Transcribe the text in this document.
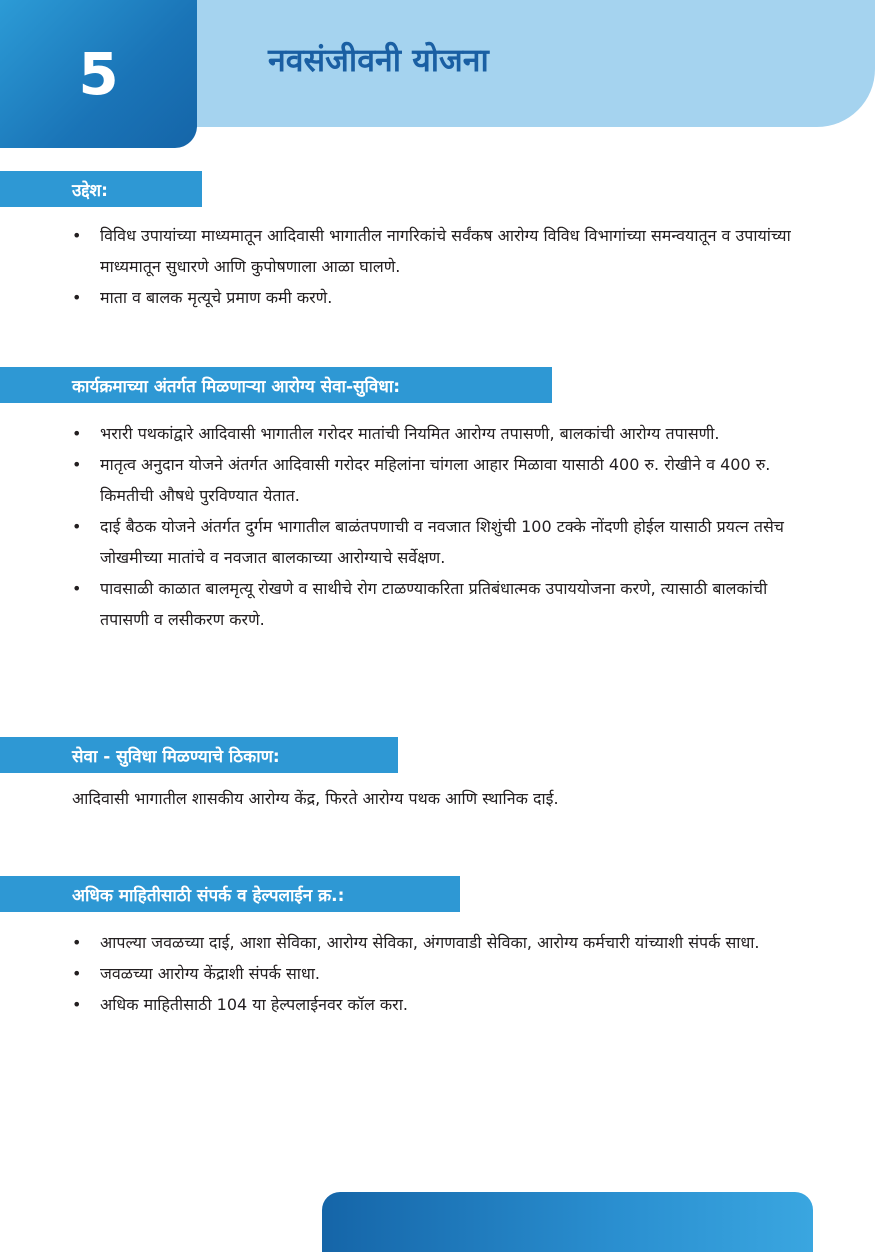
5	नवसंजीवनी योजना
उद्देश:
• विविध उपायांच्या माध्यमातून आदिवासी भागातील नागरिकांचे सर्वंकष आरोग्य विविध विभागांच्या समन्वयातून व उपायांच्या माध्यमातून सुधारणे आणि कुपोषणाला आळा घालणे.
• माता व बालक मृत्यूचे प्रमाण कमी करणे.
कार्यक्रमाच्या अंतर्गत मिळणाऱ्या आरोग्य सेवा-सुविधा:
• भरारी पथकांद्वारे आदिवासी भागातील गरोदर मातांची नियमित आरोग्य तपासणी, बालकांची आरोग्य तपासणी.
• मातृत्व अनुदान योजने अंतर्गत आदिवासी गरोदर महिलांना चांगला आहार मिळावा यासाठी 400 रु. रोखीने व 400 रु. किमतीची औषधे पुरविण्यात येतात.
• दाई बैठक योजने अंतर्गत दुर्गम भागातील बाळंतपणाची व नवजात शिशुंची 100 टक्के नोंदणी होईल यासाठी प्रयत्न तसेच जोखमीच्या मातांचे व नवजात बालकाच्या आरोग्याचे सर्वेक्षण.
• पावसाळी काळात बालमृत्यू रोखणे व साथीचे रोग टाळण्याकरिता प्रतिबंधात्मक उपाययोजना करणे, त्यासाठी बालकांची तपासणी व लसीकरण करणे.
सेवा - सुविधा मिळण्याचे ठिकाण:

आदिवासी भागातील शासकीय आरोग्य केंद्र, फिरते आरोग्य पथक आणि स्थानिक दाई.

अधिक माहितीसाठी संपर्क व हेल्पलाईन क्र.:
• आपल्या जवळच्या दाई, आशा सेविका, आरोग्य सेविका, अंगणवाडी सेविका, आरोग्य कर्मचारी यांच्याशी संपर्क साधा.
• जवळच्या आरोग्य केंद्राशी संपर्क साधा.
• अधिक माहितीसाठी 104 या हेल्पलाईनवर कॉल करा.
